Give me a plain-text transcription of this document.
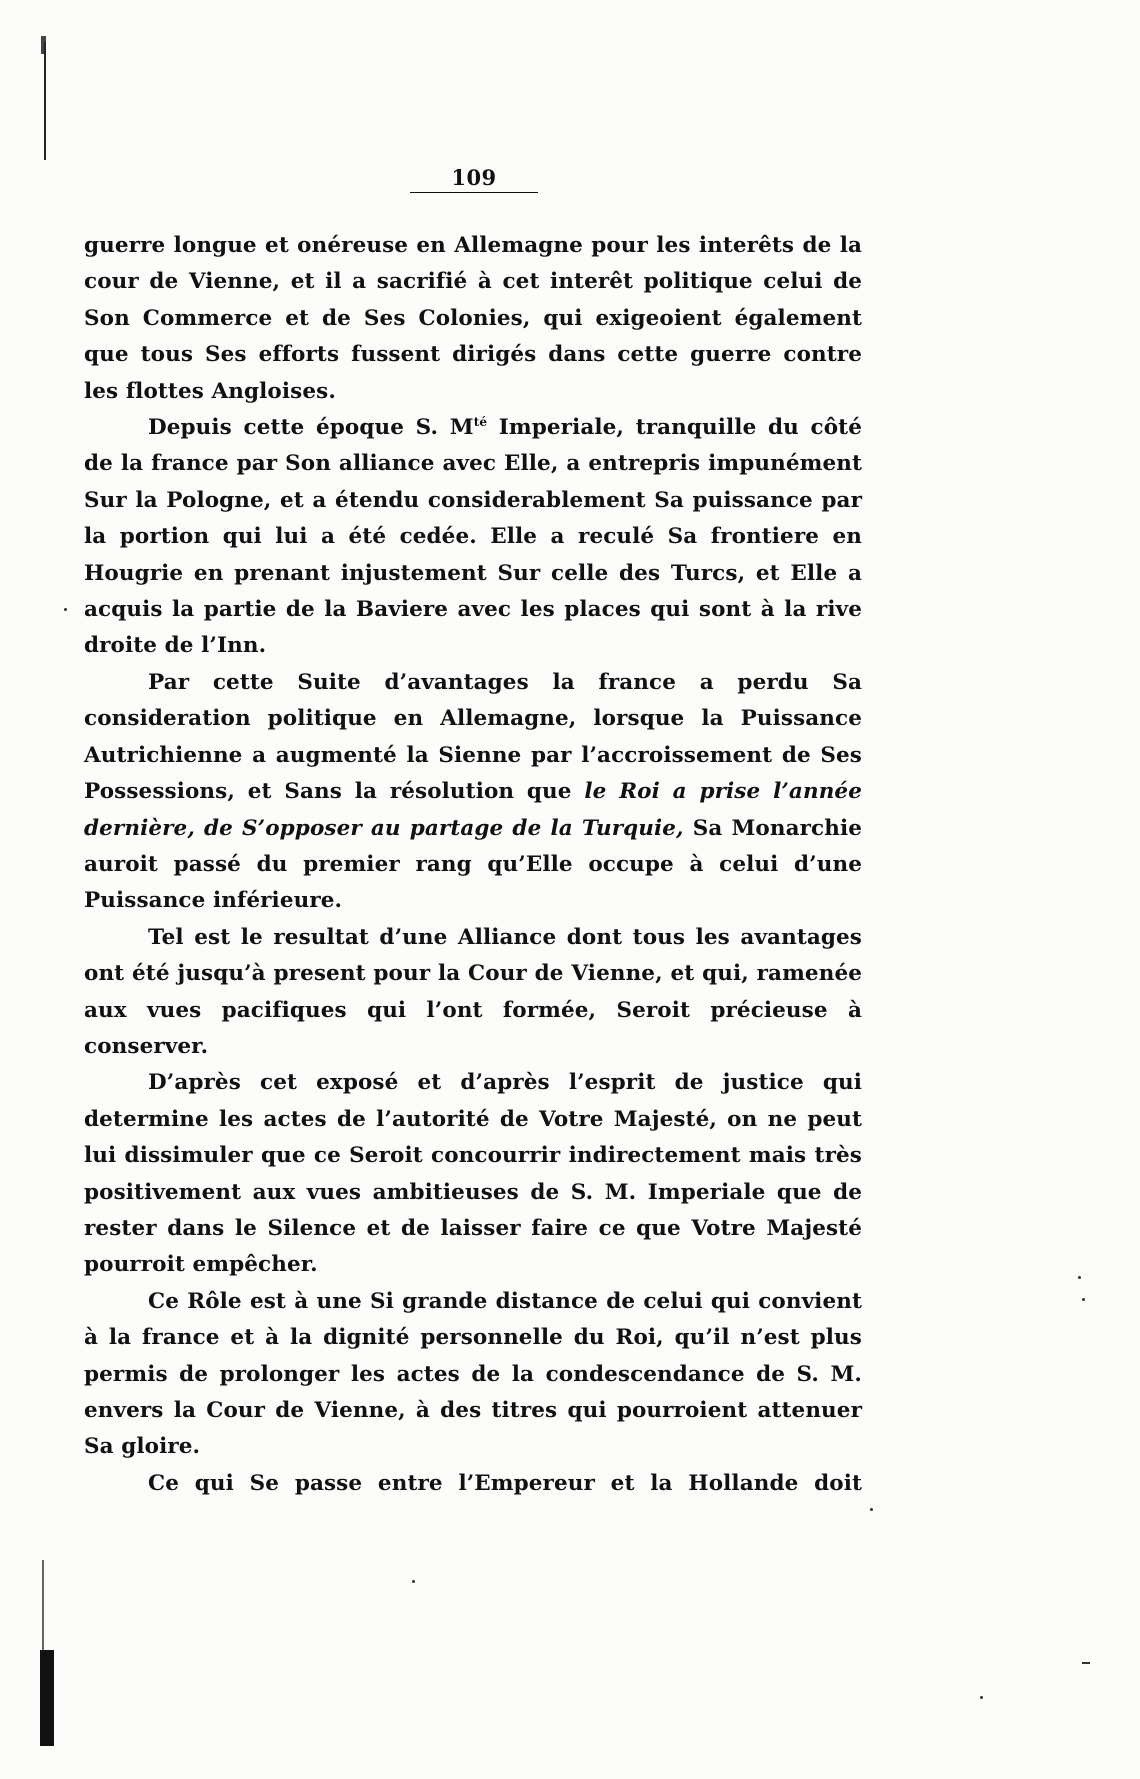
109

guerre longue et onéreuse en Allemagne pour les interêts de la cour de Vienne, et il a sacrifié à cet interêt politique celui de Son Commerce et de Ses Colonies, qui exigeoient également que tous Ses efforts fussent dirigés dans cette guerre contre les flottes Angloises.

Depuis cette époque S. $M^{té}$ Imperiale, tranquille du côté de la france par Son alliance avec Elle, a entrepris impunément Sur la Pologne, et a étendu considerablement Sa puissance par la portion qui lui a été cedée. Elle a reculé Sa frontiere en Hougrie en prenant injustement Sur celle des Turcs, et Elle a acquis la partie de la Baviere avec les places qui sont à la rive droite de l’Inn.

Par cette Suite d’avantages la france a perdu Sa consideration politique en Allemagne, lorsque la Puissance Autrichienne a augmenté la Sienne par l’accroissement de Ses Possessions, et Sans la résolution que le Roi a prise l’année dernière, de S’opposer au partage de la Turquie, Sa Monarchie auroit passé du premier rang qu’Elle occupe à celui d’une Puissance inférieure.

Tel est le resultat d’une Alliance dont tous les avantages ont été jusqu’à present pour la Cour de Vienne, et qui, ramenée aux vues pacifiques qui l’ont formée, Seroit précieuse à conserver.

D’après cet exposé et d’après l’esprit de justice qui determine les actes de l’autorité de Votre Majesté, on ne peut lui dissimuler que ce Seroit concourrir indirectement mais très positivement aux vues ambitieuses de S. M. Imperiale que de rester dans le Silence et de laisser faire ce que Votre Majesté pourroit empêcher.

Ce Rôle est à une Si grande distance de celui qui convient à la france et à la dignité personnelle du Roi, qu’il n’est plus permis de prolonger les actes de la condescendance de S. M. envers la Cour de Vienne, à des titres qui pourroient attenuer Sa gloire.

Ce qui Se passe entre l’Empereur et la Hollande doit
